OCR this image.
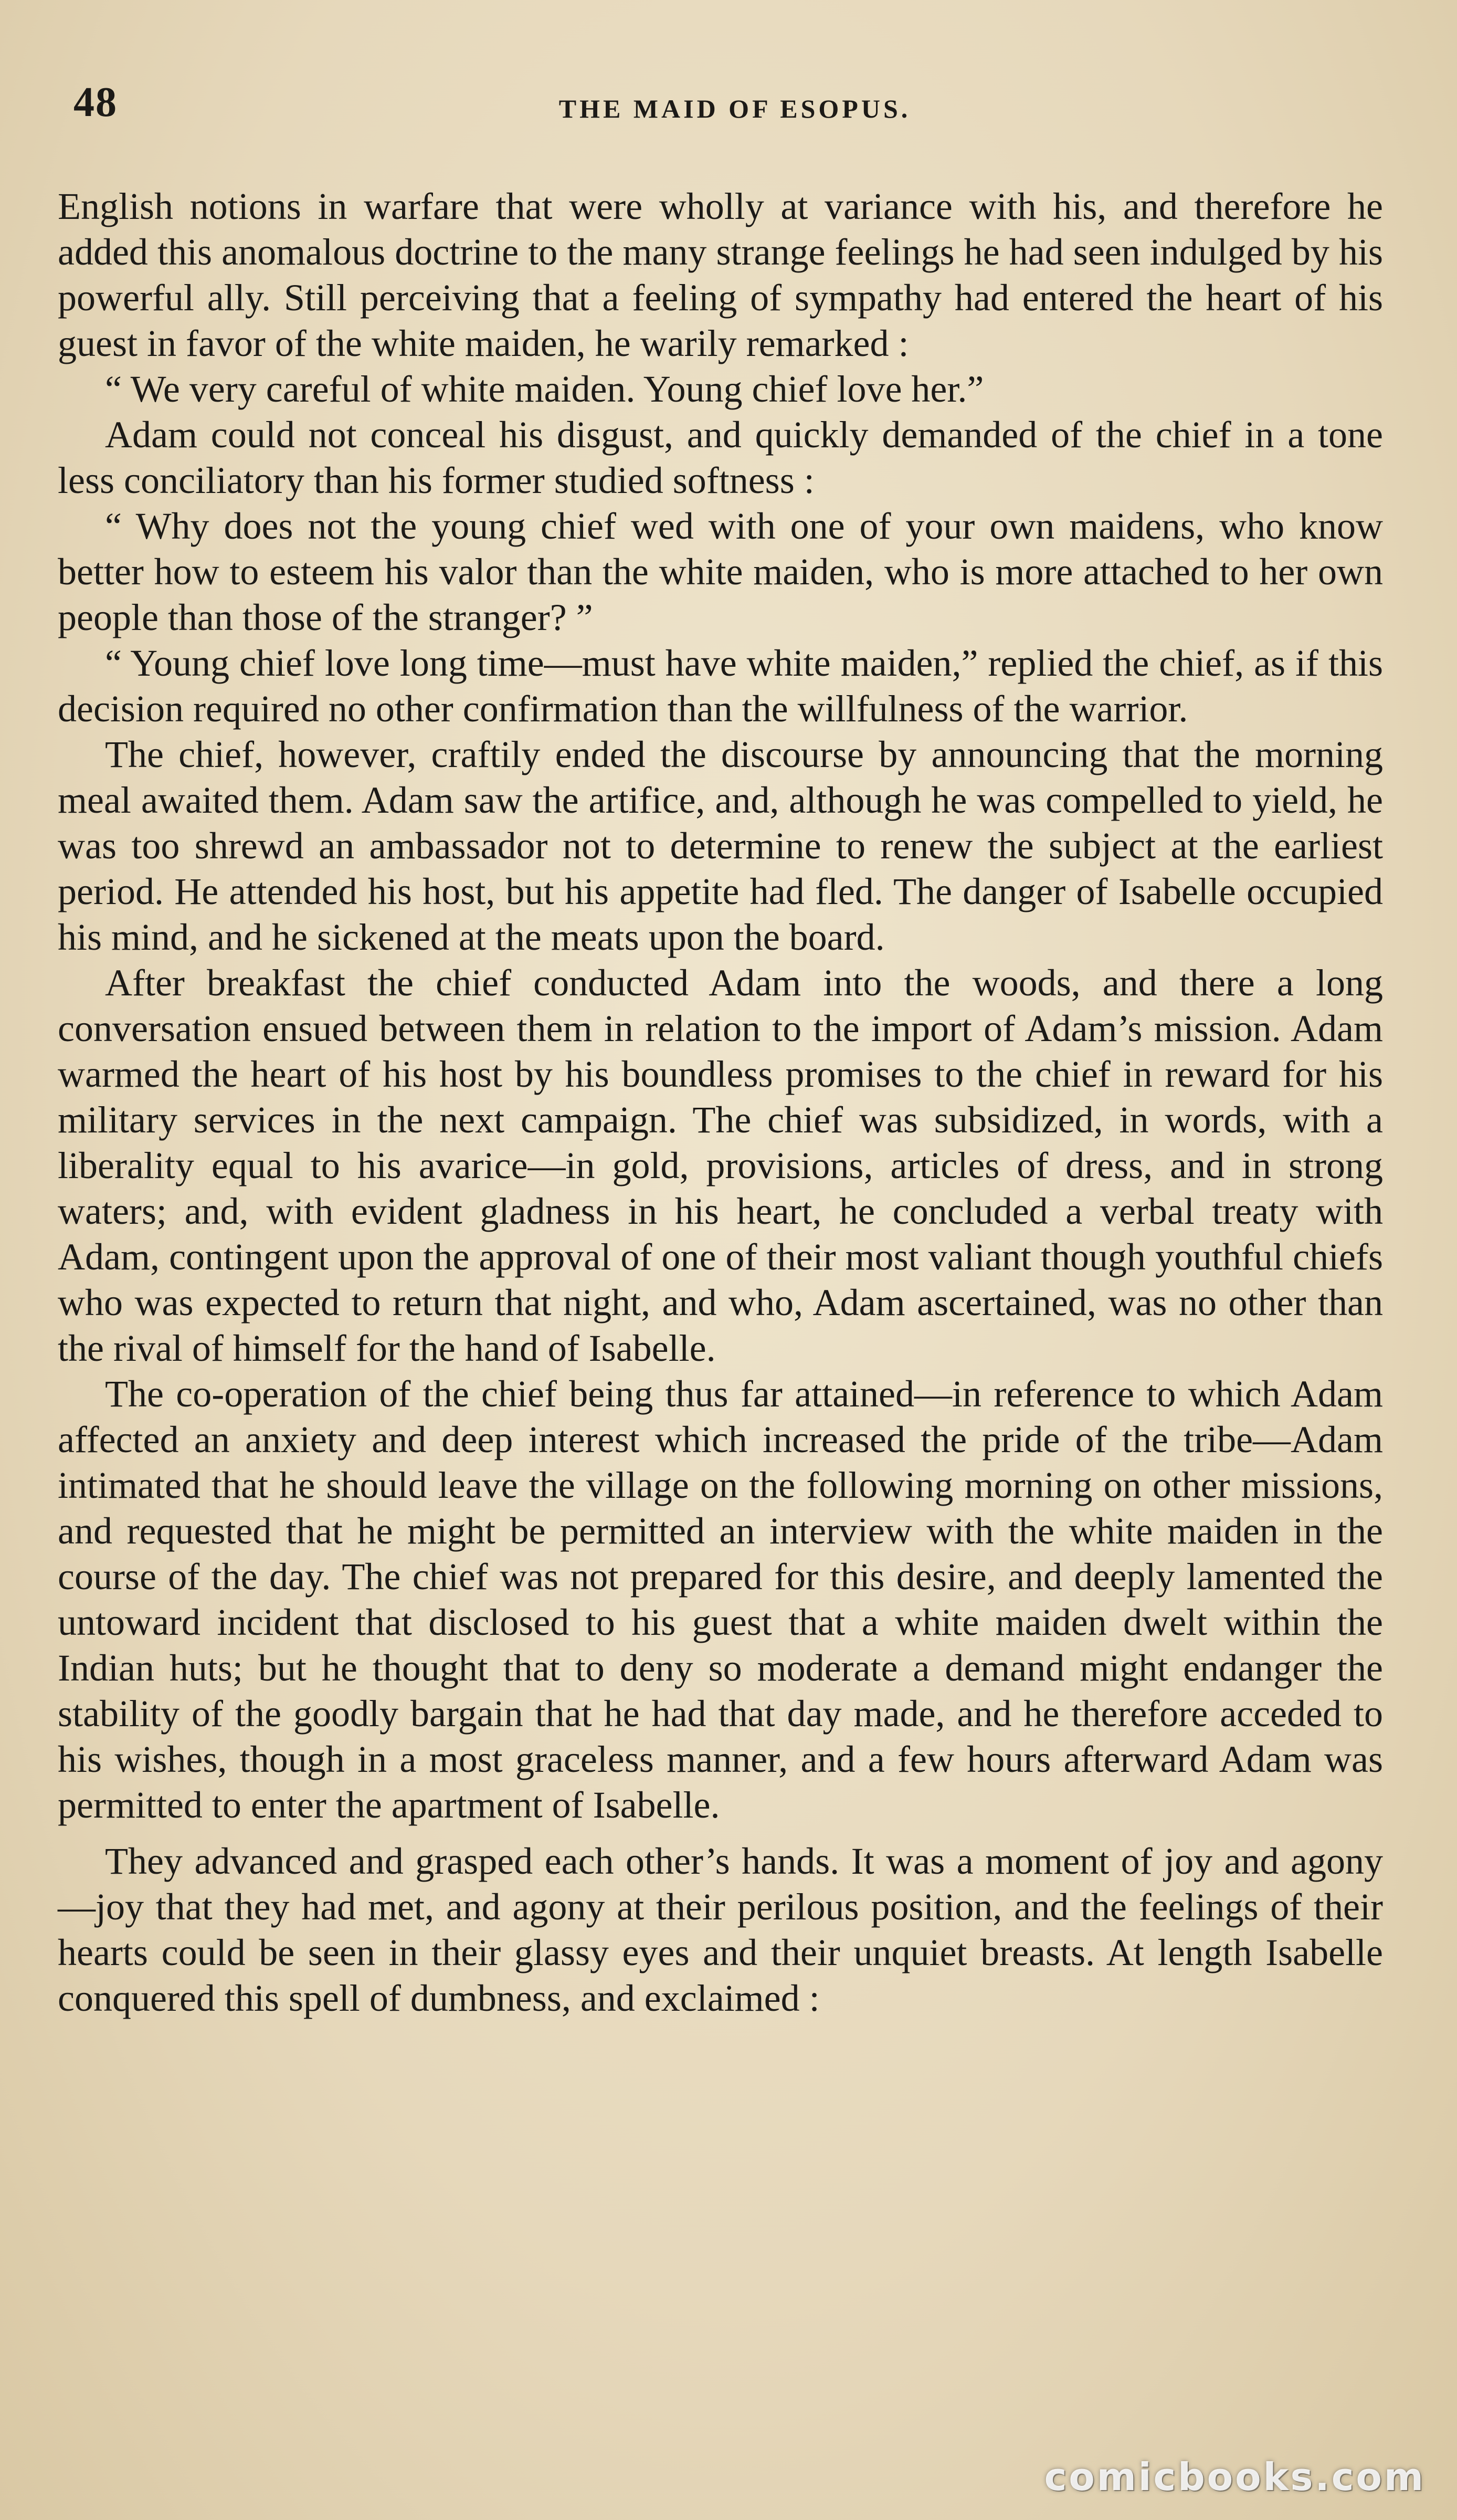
48	THE MAID OF ESOPUS.

English notions in warfare that were wholly at variance with his, and therefore he added this anomalous doctrine to the many strange feelings he had seen indulged by his powerful ally. Still perceiving that a feeling of sympathy had entered the heart of his guest in favor of the white maiden, he warily remarked :

“ We very careful of white maiden. Young chief love her.”

Adam could not conceal his disgust, and quickly demanded of the chief in a tone less conciliatory than his former studied softness :

“ Why does not the young chief wed with one of your own maidens, who know better how to esteem his valor than the white maiden, who is more attached to her own people than those of the stranger? ”

“ Young chief love long time—must have white maiden,” replied the chief, as if this decision required no other confirmation than the willfulness of the warrior.

The chief, however, craftily ended the discourse by announcing that the morning meal awaited them. Adam saw the artifice, and, although he was compelled to yield, he was too shrewd an ambassador not to determine to renew the subject at the earliest period. He attended his host, but his appetite had fled. The danger of Isabelle occupied his mind, and he sickened at the meats upon the board.

After breakfast the chief conducted Adam into the woods, and there a long conversation ensued between them in relation to the import of Adam’s mission. Adam warmed the heart of his host by his boundless promises to the chief in reward for his military services in the next campaign. The chief was subsidized, in words, with a liberality equal to his avarice—in gold, provisions, articles of dress, and in strong waters; and, with evident gladness in his heart, he concluded a verbal treaty with Adam, contingent upon the approval of one of their most valiant though youthful chiefs who was expected to return that night, and who, Adam ascertained, was no other than the rival of himself for the hand of Isabelle.

The co-operation of the chief being thus far attained—in reference to which Adam affected an anxiety and deep interest which increased the pride of the tribe—Adam intimated that he should leave the village on the following morning on other missions, and requested that he might be permitted an interview with the white maiden in the course of the day. The chief was not prepared for this desire, and deeply lamented the untoward incident that disclosed to his guest that a white maiden dwelt within the Indian huts; but he thought that to deny so moderate a demand might endanger the stability of the goodly bargain that he had that day made, and he therefore acceded to his wishes, though in a most graceless manner, and a few hours afterward Adam was permitted to enter the apartment of Isabelle.

They advanced and grasped each other’s hands. It was a moment of joy and agony—joy that they had met, and agony at their perilous position, and the feelings of their hearts could be seen in their glassy eyes and their unquiet breasts. At length Isabelle conquered this spell of dumbness, and exclaimed :

comicbooks.com
